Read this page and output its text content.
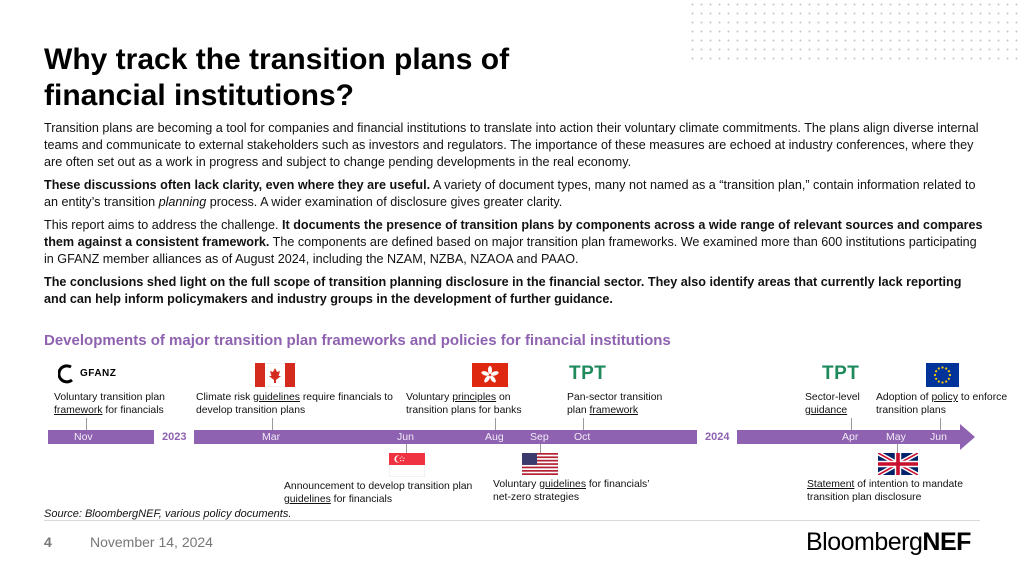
Why track the transition plans of
financial institutions?

Transition plans are becoming a tool for companies and financial institutions to translate into action their voluntary climate commitments. The plans align diverse internal teams and communicate to external stakeholders such as investors and regulators. The importance of these measures are echoed at industry conferences, where they are often set out as a work in progress and subject to change pending developments in the real economy.

These discussions often lack clarity, even where they are useful. A variety of document types, many not named as a “transition plan,” contain information related to an entity’s transition planning process. A wider examination of disclosure gives greater clarity.

This report aims to address the challenge. It documents the presence of transition plans by components across a wide range of relevant sources and compares them against a consistent framework. The components are defined based on major transition plan frameworks. We examined more than 600 institutions participating in GFANZ member alliances as of August 2024, including the NZAM, NZBA, NZAOA and PAAO.

The conclusions shed light on the full scope of transition planning disclosure in the financial sector. They also identify areas that currently lack reporting and can help inform policymakers and industry groups in the development of further guidance.

Developments of major transition plan frameworks and policies for financial institutions
GFANZ	TPT	TPT
Voluntary transition plan
framework for financials
Climate risk guidelines require financials to develop transition plans
Voluntary principles on transition plans for banks
Pan-sector transition plan framework
Sector-level guidance
Adoption of policy to enforce transition plans
2023	2024
Nov	Mar	Jun	Aug	Sep Oct	Apr	May Jun
Announcement to develop transition plan guidelines for financials
Voluntary guidelines for financials’ net-zero strategies
Statement of intention to mandate transition plan disclosure
Source: BloombergNEF, various policy documents.
4	November 14, 2024	BloombergNEF
